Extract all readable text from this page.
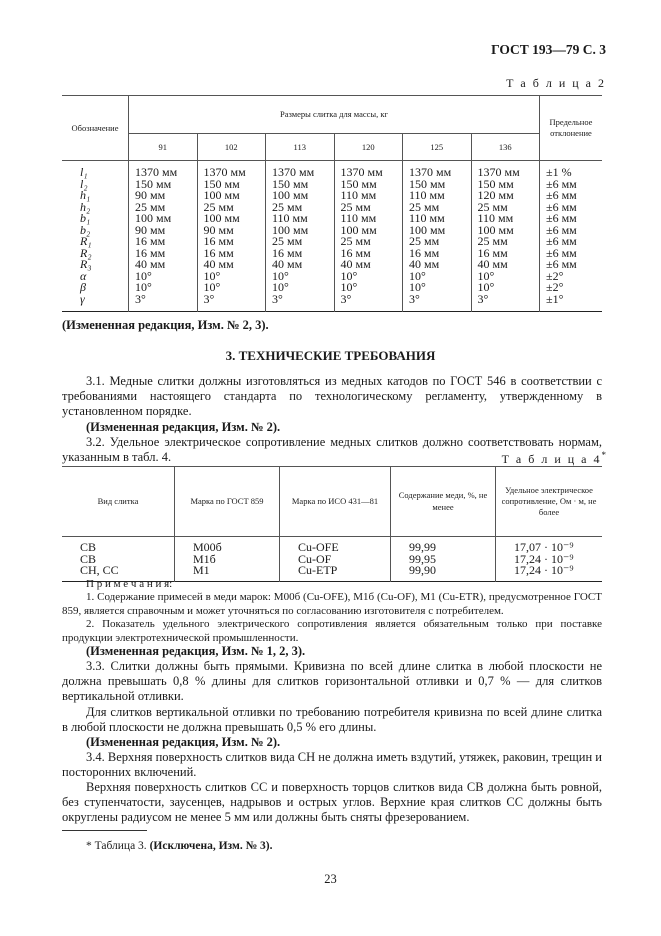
ГОСТ 193—79 С. 3
Т а б л и ц а 2
Обозначение	Размеры слитка для массы, кг						Предельное отклонение
	91	102	113	120	125	136	
l₁	1370 мм	1370 мм	1370 мм	1370 мм	1370 мм	1370 мм	±1 %
l₂	150 мм	150 мм	150 мм	150 мм	150 мм	150 мм	±6 мм
h₁	90 мм	100 мм	100 мм	110 мм	110 мм	120 мм	±6 мм
h₂	25 мм	25 мм	25 мм	25 мм	25 мм	25 мм	±6 мм
b₁	100 мм	100 мм	110 мм	110 мм	110 мм	110 мм	±6 мм
b₂	90 мм	90 мм	100 мм	100 мм	100 мм	100 мм	±6 мм
R₁	16 мм	16 мм	25 мм	25 мм	25 мм	25 мм	±6 мм
R₂	16 мм	16 мм	16 мм	16 мм	16 мм	16 мм	±6 мм
R₃	40 мм	40 мм	40 мм	40 мм	40 мм	40 мм	±6 мм
α	10°	10°	10°	10°	10°	10°	±2°
β	10°	10°	10°	10°	10°	10°	±2°
γ	3°	3°	3°	3°	3°	3°	±1°
(Измененная редакция, Изм. № 2, 3).
3. ТЕХНИЧЕСКИЕ ТРЕБОВАНИЯ
3.1. Медные слитки должны изготовляться из медных катодов по ГОСТ 546 в соответствии с требованиями настоящего стандарта по технологическому регламенту, утвержденному в установленном порядке.
(Измененная редакция, Изм. № 2).
3.2. Удельное электрическое сопротивление медных слитков должно соответствовать нормам, указанным в табл. 4.	Т а б л и ц а 4*
Вид слитка	Марка по ГОСТ 859	Марка по ИСО 431—81	Содержание меди, %, не менее	Удельное электрическое сопротивление, Ом · м, не более
СВ	М00б	Cu-OFE	99,99	17,07 · 10⁻⁹
СВ	М1б	Cu-OF	99,95	17,24 · 10⁻⁹
СН, СС	М1	Cu-ETP	99,90	17,24 · 10⁻⁹
П р и м е ч а н и я:
1. Содержание примесей в меди марок: М00б (Cu-OFE), М1б (Cu-OF), М1 (Cu-ETR), предусмотренное ГОСТ 859, является справочным и может уточняться по согласованию изготовителя с потребителем.
2. Показатель удельного электрического сопротивления является обязательным только при поставке продукции электротехнической промышленности.
(Измененная редакция, Изм. № 1, 2, 3).
3.3. Слитки должны быть прямыми. Кривизна по всей длине слитка в любой плоскости не должна превышать 0,8 % длины для слитков горизонтальной отливки и 0,7 % — для слитков вертикальной отливки.
Для слитков вертикальной отливки по требованию потребителя кривизна по всей длине слитка в любой плоскости не должна превышать 0,5 % его длины.
(Измененная редакция, Изм. № 2).
3.4. Верхняя поверхность слитков вида СН не должна иметь вздутий, утяжек, раковин, трещин и посторонних включений.
Верхняя поверхность слитков СС и поверхность торцов слитков вида СВ должна быть ровной, без ступенчатости, заусенцев, надрывов и острых углов. Верхние края слитков СС должны быть округлены радиусом не менее 5 мм или должны быть сняты фрезерованием.
* Таблица 3. (Исключена, Изм. № 3).
23
